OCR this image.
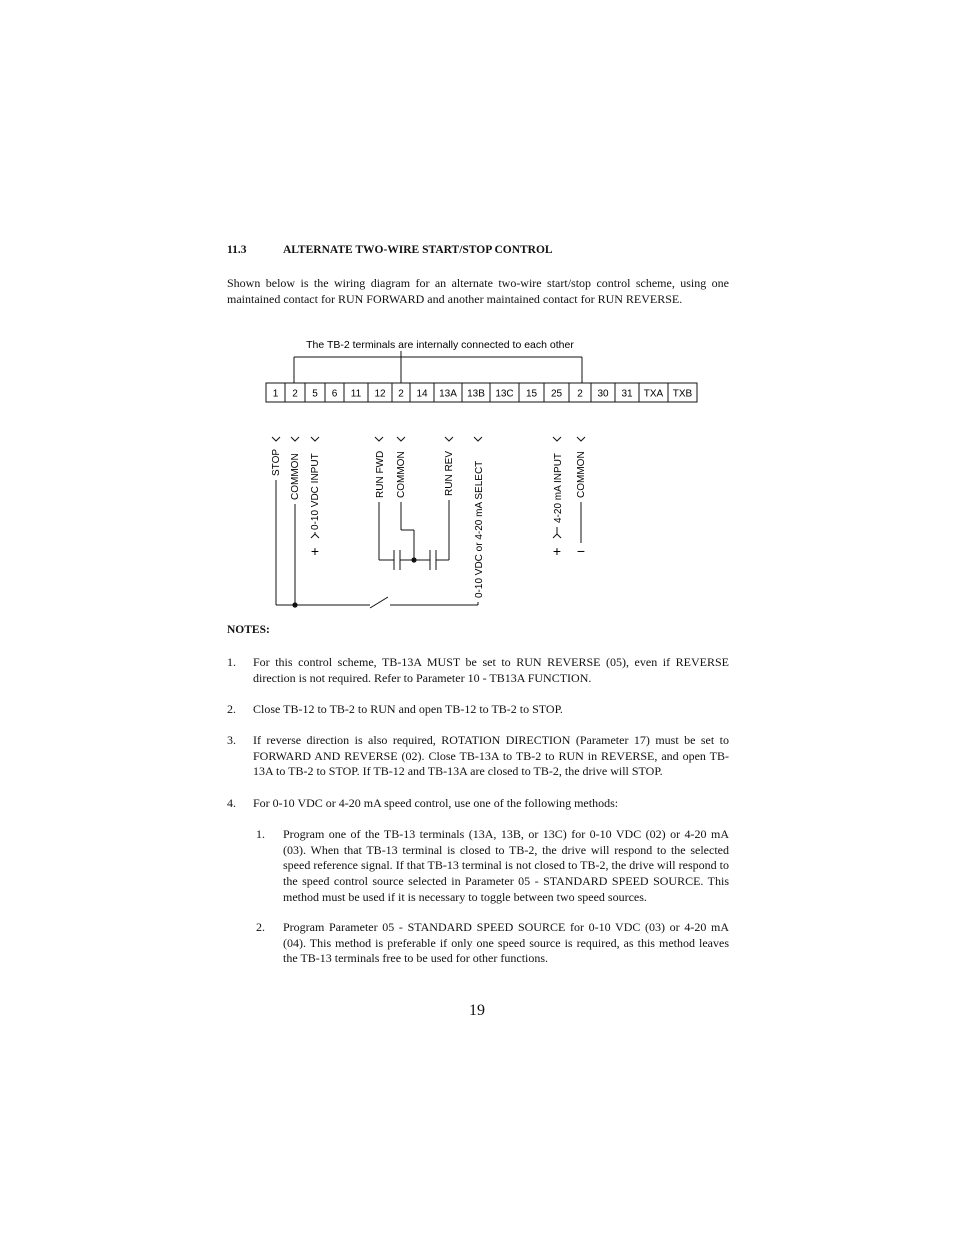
11.3	ALTERNATE TWO-WIRE START/STOP CONTROL
Shown below is the wiring diagram for an alternate two-wire start/stop control scheme, using one maintained contact for RUN FORWARD and another maintained contact for RUN REVERSE.
The TB-2 terminals are internally connected to each other
1 2 5 6 11 12 2 14 13A 13B 13C 15 25 2 30 31 TXA TXB
STOP COMMON 0-10 VDC INPUT	RUN FWD COMMON	RUN REV 0-10 VDC or 4-20 mA SELECT	4-20 mA INPUT COMMON
+	+ −
NOTES:
1. For this control scheme, TB-13A MUST be set to RUN REVERSE (05), even if REVERSE direction is not required. Refer to Parameter 10 - TB13A FUNCTION.
2. Close TB-12 to TB-2 to RUN and open TB-12 to TB-2 to STOP.
3. If reverse direction is also required, ROTATION DIRECTION (Parameter 17) must be set to FORWARD AND REVERSE (02). Close TB-13A to TB-2 to RUN in REVERSE, and open TB-13A to TB-2 to STOP. If TB-12 and TB-13A are closed to TB-2, the drive will STOP.
4. For 0-10 VDC or 4-20 mA speed control, use one of the following methods:
1. Program one of the TB-13 terminals (13A, 13B, or 13C) for 0-10 VDC (02) or 4-20 mA (03). When that TB-13 terminal is closed to TB-2, the drive will respond to the selected speed reference signal. If that TB-13 terminal is not closed to TB-2, the drive will respond to the speed control source selected in Parameter 05 - STANDARD SPEED SOURCE. This method must be used if it is necessary to toggle between two speed sources.
2. Program Parameter 05 - STANDARD SPEED SOURCE for 0-10 VDC (03) or 4-20 mA (04). This method is preferable if only one speed source is required, as this method leaves the TB-13 terminals free to be used for other functions.
19
